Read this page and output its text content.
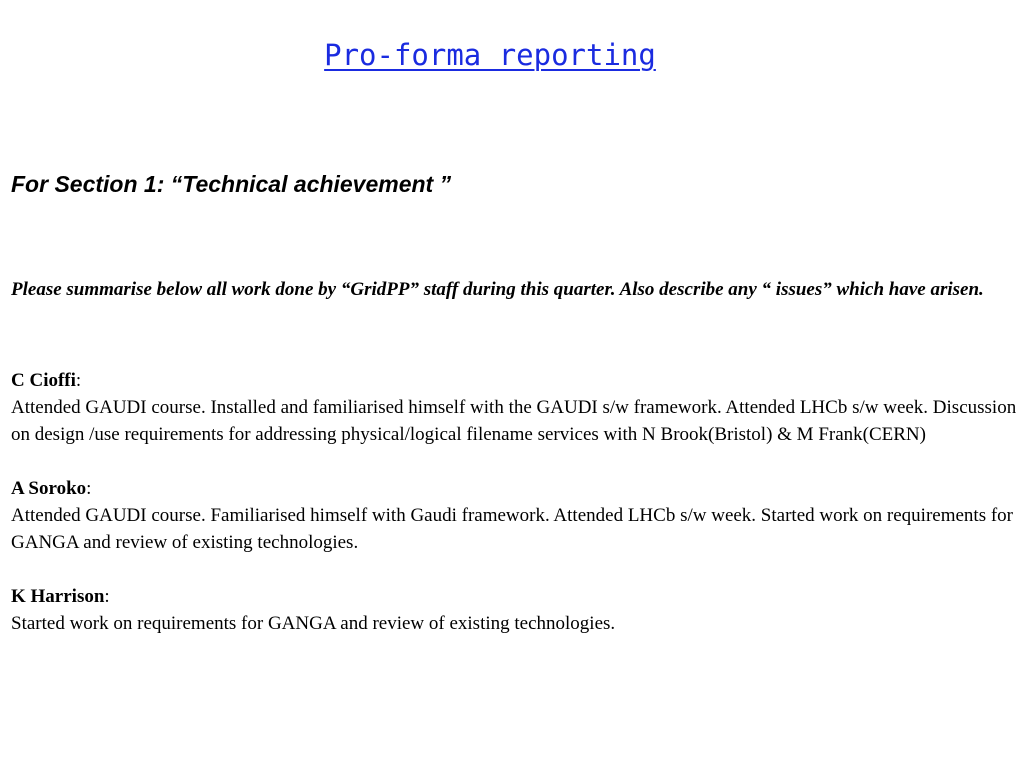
Pro-forma reporting
For Section 1: “Technical achievement ”

Please summarise below all work done by “GridPP” staff during this quarter. Also describe any “ issues” which have arisen.

C Cioffi:
Attended GAUDI course. Installed and familiarised himself with the GAUDI s/w framework. Attended LHCb s/w week. Discussion on design /use requirements for addressing physical/logical filename services with N Brook(Bristol) & M Frank(CERN)
A Soroko:
Attended GAUDI course. Familiarised himself with Gaudi framework. Attended LHCb s/w week. Started work on requirements for GANGA and review of existing technologies.
K Harrison:
Started work on requirements for GANGA and review of existing technologies.
